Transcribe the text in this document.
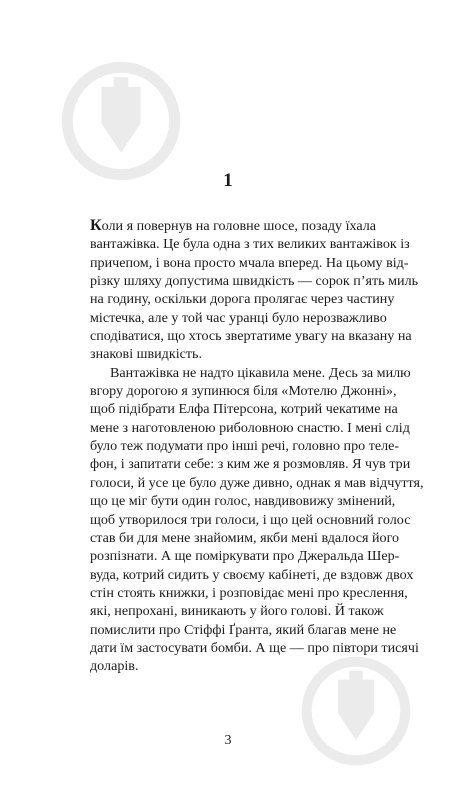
1
Коли я повернув на головне шосе, позаду їхала
вантажівка. Це була одна з тих великих вантажівок із
причепом, і вона просто мчала вперед. На цьому від-
різку шляху допустима швидкість — сорок п’ять миль
на годину, оскільки дорога пролягає через частину
містечка, але у той час уранці було нерозважливо
сподіватися, що хтось звертатиме увагу на вказану на
знакові швидкість.
Вантажівка не надто цікавила мене. Десь за милю
вгору дорогою я зупинюся біля «Мотелю Джонні»,
щоб підібрати Елфа Пітерсона, котрий чекатиме на
мене з наготовленою риболовною снастю. І мені слід
було теж подумати про інші речі, головно про теле-
фон, і запитати себе: з ким же я розмовляв. Я чув три
голоси, й усе це було дуже дивно, однак я мав відчуття,
що це міг бути один голос, навдивовижу змінений,
щоб утворилося три голоси, і що цей основний голос
став би для мене знайомим, якби мені вдалося його
розпізнати. А ще поміркувати про Джеральда Шер-
вуда, котрий сидить у своєму кабінеті, де вздовж двох
стін стоять книжки, і розповідає мені про креслення,
які, непрохані, виникають у його голові. Й також
помислити про Стіффі Ґранта, який благав мене не
дати їм застосувати бомби. А ще — про півтори тисячі
доларів.
3
